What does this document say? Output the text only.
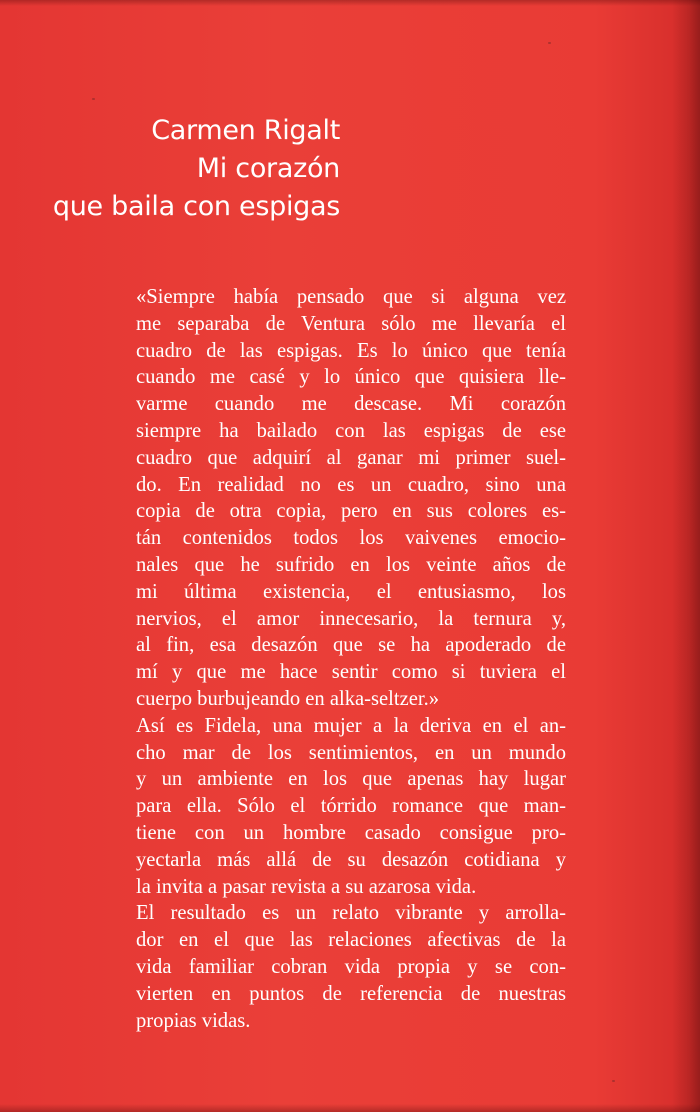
Carmen Rigalt
Mi corazón
que baila con espigas
«Siempre había pensado que si alguna vez
me separaba de Ventura sólo me llevaría el
cuadro de las espigas. Es lo único que tenía
cuando me casé y lo único que quisiera lle-
varme cuando me descase. Mi corazón
siempre ha bailado con las espigas de ese
cuadro que adquirí al ganar mi primer suel-
do. En realidad no es un cuadro, sino una
copia de otra copia, pero en sus colores es-
tán contenidos todos los vaivenes emocio-
nales que he sufrido en los veinte años de
mi última existencia, el entusiasmo, los
nervios, el amor innecesario, la ternura y,
al fin, esa desazón que se ha apoderado de
mí y que me hace sentir como si tuviera el
cuerpo burbujeando en alka-seltzer.»
Así es Fidela, una mujer a la deriva en el an-
cho mar de los sentimientos, en un mundo
y un ambiente en los que apenas hay lugar
para ella. Sólo el tórrido romance que man-
tiene con un hombre casado consigue pro-
yectarla más allá de su desazón cotidiana y
la invita a pasar revista a su azarosa vida.
El resultado es un relato vibrante y arrolla-
dor en el que las relaciones afectivas de la
vida familiar cobran vida propia y se con-
vierten en puntos de referencia de nuestras
propias vidas.
